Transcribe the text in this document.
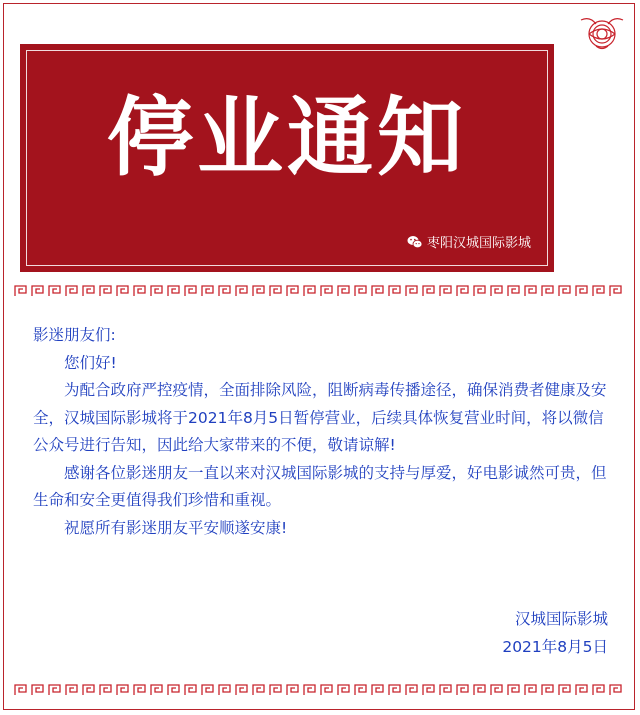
停业通知
枣阳汉城国际影城

影迷朋友们:

您们好!

为配合政府严控疫情，全面排除风险，阻断病毒传播途径，确保消费者健康及安全，汉城国际影城将于2021年8月5日暂停营业，后续具体恢复营业时间，将以微信公众号进行告知，因此给大家带来的不便，敬请谅解!

感谢各位影迷朋友一直以来对汉城国际影城的支持与厚爱，好电影诚然可贵，但生命和安全更值得我们珍惜和重视。

祝愿所有影迷朋友平安顺遂安康!

汉城国际影城
2021年8月5日
